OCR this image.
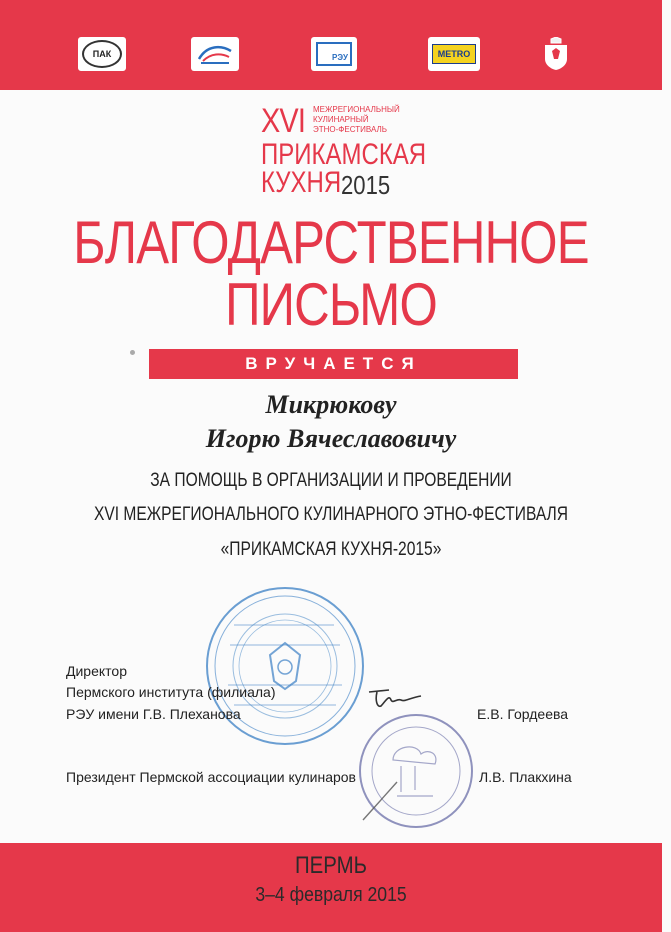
ПАК	РЭУ	METRO
XVI МЕЖРЕГИОНАЛЬНЫЙ
КУЛИНАРНЫЙ
ЭТНО-ФЕСТИВАЛЬ
ПРИКАМСКАЯ
КУХНЯ 2015
БЛАГОДАРСТВЕННОЕ
ПИСЬМО
ВРУЧАЕТСЯ
Микрюкову
Игорю Вячеславовичу
ЗА ПОМОЩЬ В ОРГАНИЗАЦИИ И ПРОВЕДЕНИИ
XVI МЕЖРЕГИОНАЛЬНОГО КУЛИНАРНОГО ЭТНО-ФЕСТИВАЛЯ
«ПРИКАМСКАЯ КУХНЯ-2015»
Директор
Пермского института (филиала)
РЭУ имени Г.В. Плеханова	Е.В. Гордеева
Президент Пермской ассоциации кулинаров	Л.В. Плакхина
ПЕРМЬ
3–4 февраля 2015
